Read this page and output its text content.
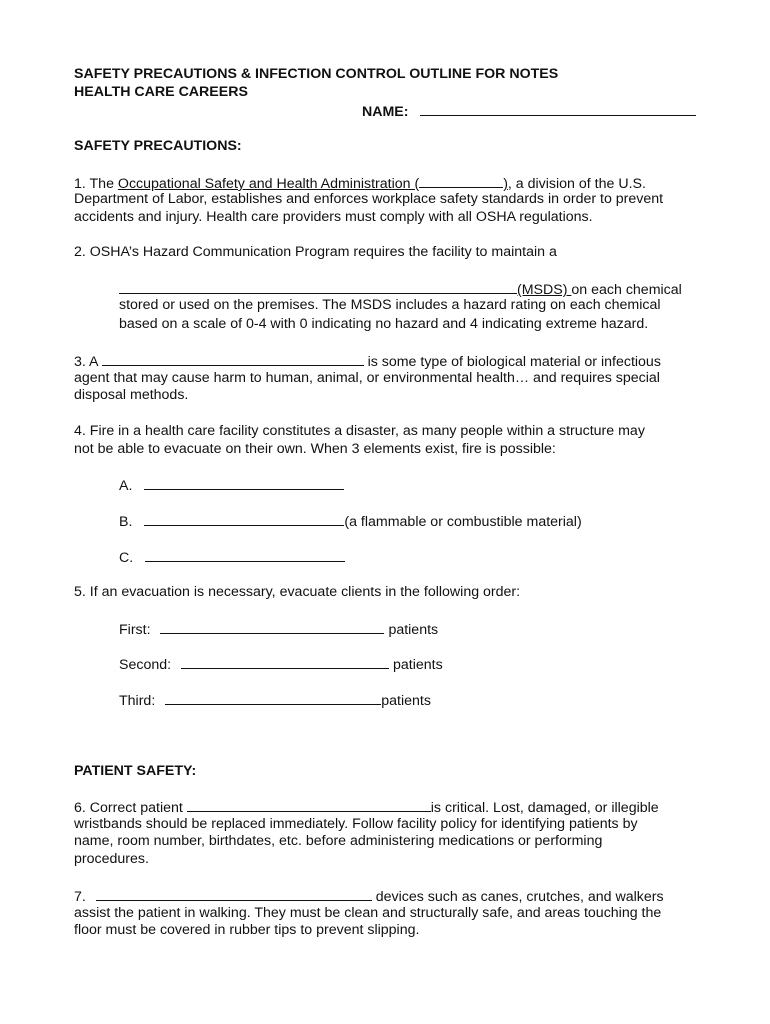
SAFETY PRECAUTIONS & INFECTION CONTROL OUTLINE FOR NOTES
HEALTH CARE CAREERS
NAME:
SAFETY PRECAUTIONS:
1. The Occupational Safety and Health Administration (	), a division of the U.S.
Department of Labor, establishes and enforces workplace safety standards in order to prevent
accidents and injury. Health care providers must comply with all OSHA regulations.
2. OSHA’s Hazard Communication Program requires the facility to maintain a
(MSDS) on each chemical
stored or used on the premises. The MSDS includes a hazard rating on each chemical
based on a scale of 0-4 with 0 indicating no hazard and 4 indicating extreme hazard.
3. A	is some type of biological material or infectious
agent that may cause harm to human, animal, or environmental health… and requires special
disposal methods.
4. Fire in a health care facility constitutes a disaster, as many people within a structure may
not be able to evacuate on their own. When 3 elements exist, fire is possible:
A.
B.	(a flammable or combustible material)
C.
5. If an evacuation is necessary, evacuate clients in the following order:
First:	patients
Second:	patients
Third:	patients
PATIENT SAFETY:
6. Correct patient	is critical. Lost, damaged, or illegible
wristbands should be replaced immediately. Follow facility policy for identifying patients by
name, room number, birthdates, etc. before administering medications or performing
procedures.
7.	devices such as canes, crutches, and walkers
assist the patient in walking. They must be clean and structurally safe, and areas touching the
floor must be covered in rubber tips to prevent slipping.
